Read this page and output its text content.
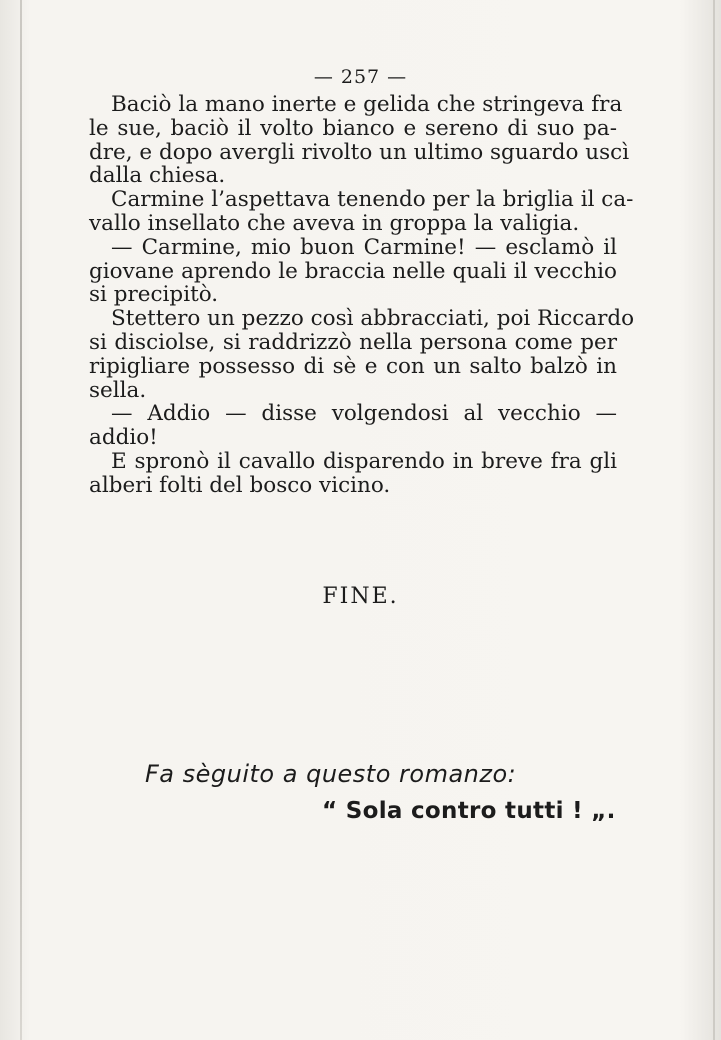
— 257 —
Baciò la mano inerte e gelida che stringeva fra
le sue, baciò il volto bianco e sereno di suo pa-
dre, e dopo avergli rivolto un ultimo sguardo uscì
dalla chiesa.
Carmine l’aspettava tenendo per la briglia il ca-
vallo insellato che aveva in groppa la valigia.
— Carmine, mio buon Carmine! — esclamò il
giovane aprendo le braccia nelle quali il vecchio
si precipitò.
Stettero un pezzo così abbracciati, poi Riccardo
si disciolse, si raddrizzò nella persona come per
ripigliare possesso di sè e con un salto balzò in
sella.
— Addio — disse volgendosi al vecchio —
addio!
E spronò il cavallo disparendo in breve fra gli
alberi folti del bosco vicino.
FINE.
Fa sèguito a questo romanzo:
“ Sola contro tutti ! „.
